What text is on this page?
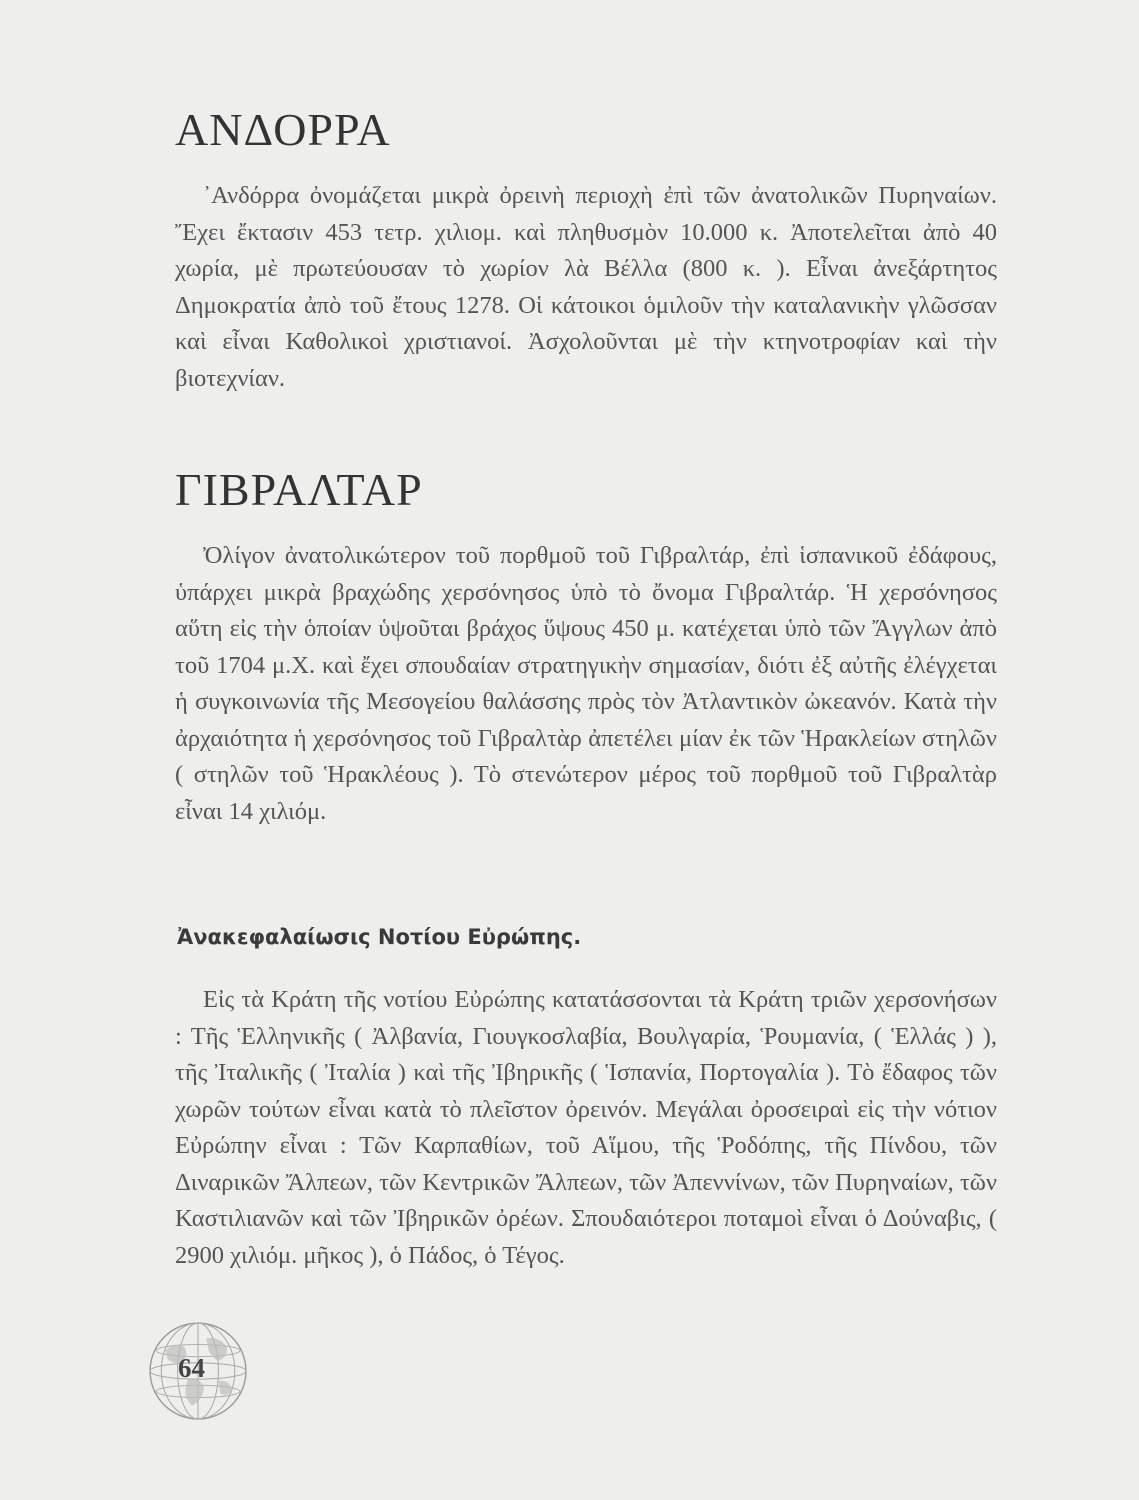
ΑΝΔΟΡΡΑ

᾿Ανδόρρα ὀνομάζεται μικρὰ ὀρεινὴ περιοχὴ ἐπὶ τῶν ἀνατολικῶν Πυρηναίων. Ἔχει ἔκτασιν 453 τετρ. χιλιομ. καὶ πληθυσμὸν 10.000 κ. Ἀποτελεῖται ἀπὸ 40 χωρία, μὲ πρωτεύουσαν τὸ χωρίον λὰ Βέλλα (800 κ. ). Εἶναι ἀνεξάρτητος Δημοκρατία ἀπὸ τοῦ ἔτους 1278. Οἱ κάτοικοι ὁμιλοῦν τὴν καταλανικὴν γλῶσσαν καὶ εἶναι Καθολικοὶ χριστιανοί. Ἀσχολοῦνται μὲ τὴν κτηνοτροφίαν καὶ τὴν βιοτεχνίαν.

ΓΙΒΡΑΛΤΑΡ

Ὀλίγον ἀνατολικώτερον τοῦ πορθμοῦ τοῦ Γιβραλτάρ, ἐπὶ ἱσπανικοῦ ἐδάφους, ὑπάρχει μικρὰ βραχώδης χερσόνησος ὑπὸ τὸ ὄνομα Γιβραλτάρ. Ἡ χερσόνησος αὕτη εἰς τὴν ὁποίαν ὑψοῦται βράχος ὕψους 450 μ. κατέχεται ὑπὸ τῶν Ἄγγλων ἀπὸ τοῦ 1704 μ.Χ. καὶ ἔχει σπουδαίαν στρατηγικὴν σημασίαν, διότι ἐξ αὐτῆς ἐλέγχεται ἡ συγκοινωνία τῆς Μεσογείου θαλάσσης πρὸς τὸν Ἀτλαντικὸν ὠκεανόν. Κατὰ τὴν ἀρχαιότητα ἡ χερσόνησος τοῦ Γιβραλτὰρ ἀπετέλει μίαν ἐκ τῶν Ἡρακλείων στηλῶν ( στηλῶν τοῦ Ἡρακλέους ). Τὸ στενώτερον μέρος τοῦ πορθμοῦ τοῦ Γιβραλτὰρ εἶναι 14 χιλιόμ.

Ἀνακεφαλαίωσις Νοτίου Εὐρώπης.

Εἰς τὰ Κράτη τῆς νοτίου Εὐρώπης κατατάσσονται τὰ Κράτη τριῶν χερσονήσων : Τῆς Ἑλληνικῆς ( Ἀλβανία, Γιουγκοσλαβία, Βουλγαρία, Ῥουμανία, ( Ἑλλάς ) ), τῆς Ἰταλικῆς ( Ἰταλία ) καὶ τῆς Ἰβηρικῆς ( Ἱσπανία, Πορτογαλία ). Τὸ ἔδαφος τῶν χωρῶν τούτων εἶναι κατὰ τὸ πλεῖστον ὀρεινόν. Μεγάλαι ὀροσειραὶ εἰς τὴν νότιον Εὐρώπην εἶναι : Τῶν Καρπαθίων, τοῦ Αἵμου, τῆς Ῥοδόπης, τῆς Πίνδου, τῶν Διναρικῶν Ἄλπεων, τῶν Κεντρικῶν Ἄλπεων, τῶν Ἀπεννίνων, τῶν Πυρηναίων, τῶν Καστιλιανῶν καὶ τῶν Ἰβηρικῶν ὀρέων. Σπουδαιότεροι ποταμοὶ εἶναι ὁ Δούναβις, ( 2900 χιλιόμ. μῆκος ), ὁ Πάδος, ὁ Τέγος.

64
